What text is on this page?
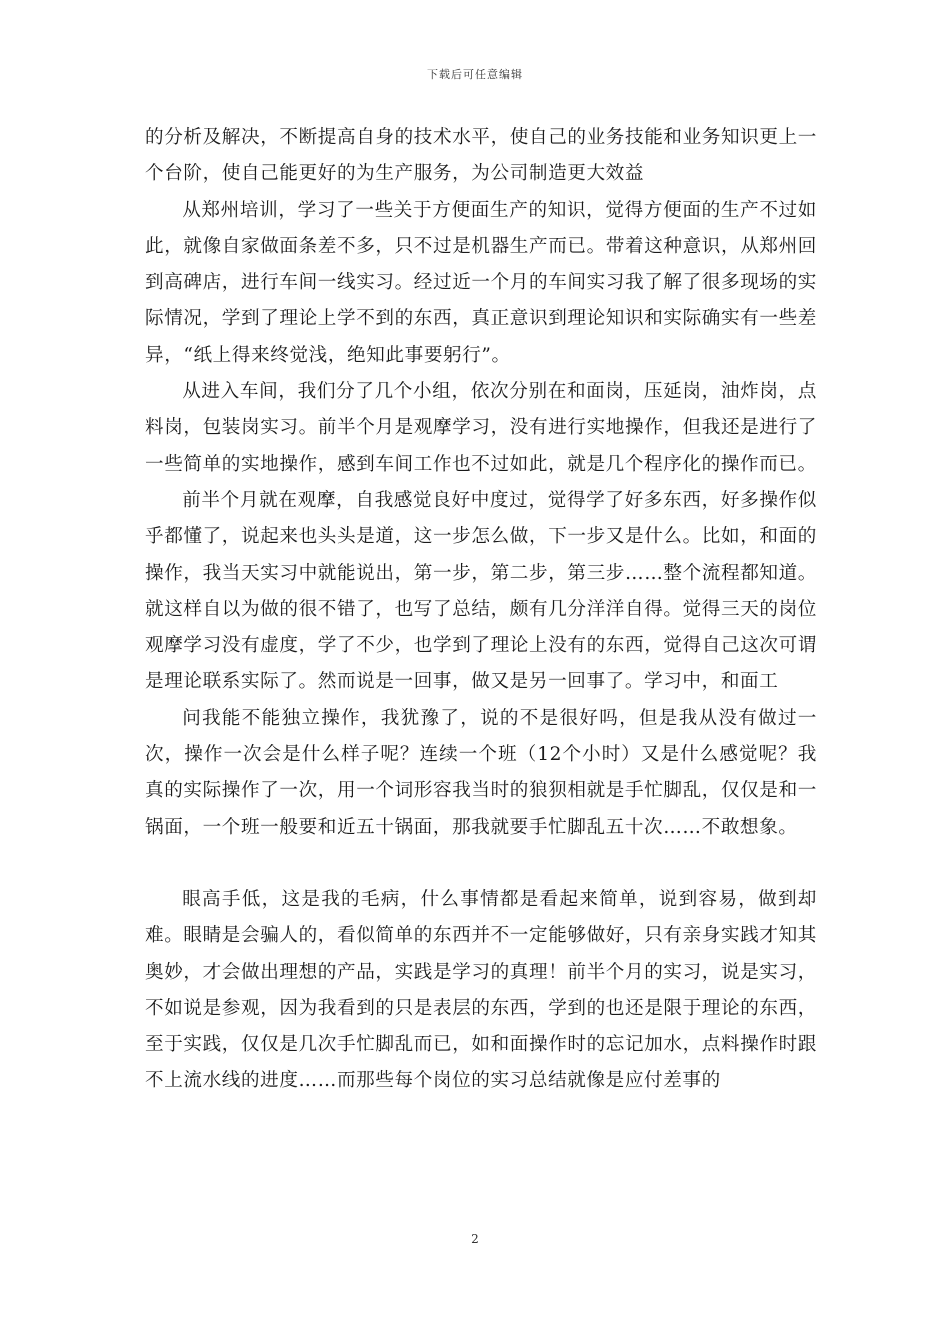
下载后可任意编辑

的分析及解决，不断提高自身的技术水平，使自己的业务技能和业务知识更上一个台阶，使自己能更好的为生产服务，为公司制造更大效益

从郑州培训，学习了一些关于方便面生产的知识，觉得方便面的生产不过如此，就像自家做面条差不多，只不过是机器生产而已。带着这种意识，从郑州回到高碑店，进行车间一线实习。经过近一个月的车间实习我了解了很多现场的实际情况，学到了理论上学不到的东西，真正意识到理论知识和实际确实有一些差异，“纸上得来终觉浅，绝知此事要躬行”。

从进入车间，我们分了几个小组，依次分别在和面岗，压延岗，油炸岗，点料岗，包装岗实习。前半个月是观摩学习，没有进行实地操作，但我还是进行了一些简单的实地操作，感到车间工作也不过如此，就是几个程序化的操作而已。

前半个月就在观摩，自我感觉良好中度过，觉得学了好多东西，好多操作似乎都懂了，说起来也头头是道，这一步怎么做，下一步又是什么。比如，和面的操作，我当天实习中就能说出，第一步，第二步，第三步……整个流程都知道。就这样自以为做的很不错了，也写了总结，颇有几分洋洋自得。觉得三天的岗位观摩学习没有虚度，学了不少，也学到了理论上没有的东西，觉得自己这次可谓是理论联系实际了。然而说是一回事，做又是另一回事了。学习中，和面工

问我能不能独立操作，我犹豫了，说的不是很好吗，但是我从没有做过一次，操作一次会是什么样子呢？连续一个班（12个小时）又是什么感觉呢？我真的实际操作了一次，用一个词形容我当时的狼狈相就是手忙脚乱，仅仅是和一锅面，一个班一般要和近五十锅面，那我就要手忙脚乱五十次……不敢想象。

眼高手低，这是我的毛病，什么事情都是看起来简单，说到容易，做到却难。眼睛是会骗人的，看似简单的东西并不一定能够做好，只有亲身实践才知其奥妙，才会做出理想的产品，实践是学习的真理！前半个月的实习，说是实习，不如说是参观，因为我看到的只是表层的东西，学到的也还是限于理论的东西，至于实践，仅仅是几次手忙脚乱而已，如和面操作时的忘记加水，点料操作时跟不上流水线的进度……而那些每个岗位的实习总结就像是应付差事的

2
